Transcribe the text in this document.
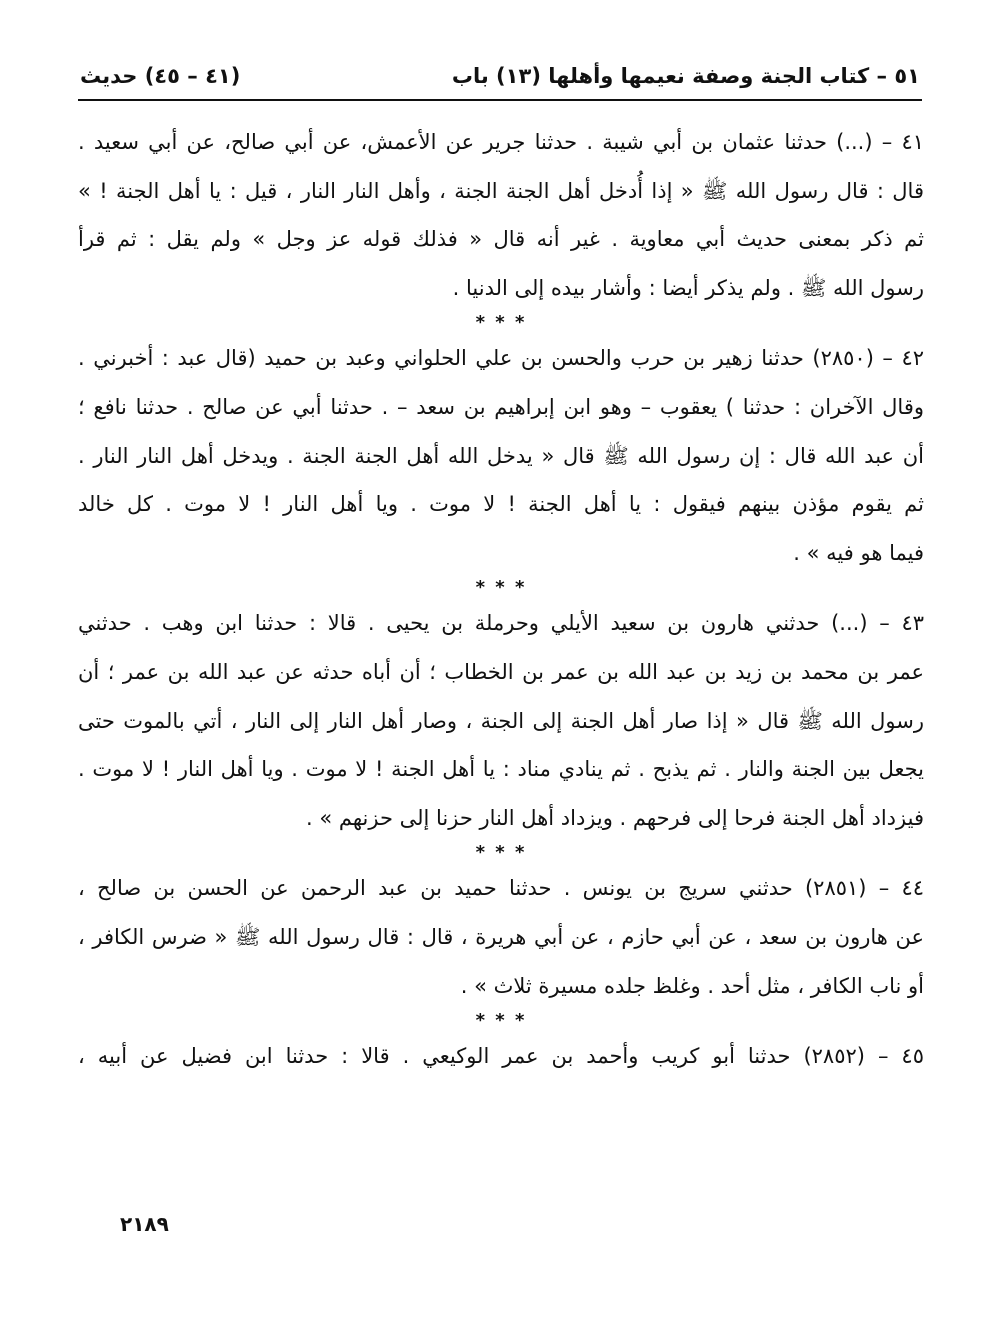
٥١ – كتاب الجنة وصفة نعيمها وأهلها (١٣) باب
(٤١ – ٤٥) حديث
٤١ – (...) حدثنا عثمان بن أبي شيبة . حدثنا جرير عن الأعمش، عن أبي صالح، عن أبي سعيد .
قال : قال رسول الله ﷺ « إذا أُدخل أهل الجنة الجنة ، وأهل النار النار ، قيل : يا أهل الجنة ! »
ثم ذكر بمعنى حديث أبي معاوية . غير أنه قال « فذلك قوله عز وجل » ولم يقل : ثم قرأ
رسول الله ﷺ . ولم يذكر أيضا : وأشار بيده إلى الدنيا .
* * *
٤٢ – (٢٨٥٠) حدثنا زهير بن حرب والحسن بن علي الحلواني وعبد بن حميد (قال عبد : أخبرني .
وقال الآخران : حدثنا ) يعقوب – وهو ابن إبراهيم بن سعد – . حدثنا أبي عن صالح . حدثنا نافع ؛
أن عبد الله قال : إن رسول الله ﷺ قال « يدخل الله أهل الجنة الجنة . ويدخل أهل النار النار .
ثم يقوم مؤذن بينهم فيقول : يا أهل الجنة ! لا موت . ويا أهل النار ! لا موت . كل خالد
فيما هو فيه » .
* * *
٤٣ – (...) حدثني هارون بن سعيد الأيلي وحرملة بن يحيى . قالا : حدثنا ابن وهب . حدثني
عمر بن محمد بن زيد بن عبد الله بن عمر بن الخطاب ؛ أن أباه حدثه عن عبد الله بن عمر ؛ أن
رسول الله ﷺ قال « إذا صار أهل الجنة إلى الجنة ، وصار أهل النار إلى النار ، أتي بالموت حتى
يجعل بين الجنة والنار . ثم يذبح . ثم ينادي مناد : يا أهل الجنة ! لا موت . ويا أهل النار ! لا موت .
فيزداد أهل الجنة فرحا إلى فرحهم . ويزداد أهل النار حزنا إلى حزنهم » .
* * *
٤٤ – (٢٨٥١) حدثني سريج بن يونس . حدثنا حميد بن عبد الرحمن عن الحسن بن صالح ،
عن هارون بن سعد ، عن أبي حازم ، عن أبي هريرة ، قال : قال رسول الله ﷺ « ضرس الكافر ،
أو ناب الكافر ، مثل أحد . وغلظ جلده مسيرة ثلاث » .
* * *
٤٥ – (٢٨٥٢) حدثنا أبو كريب وأحمد بن عمر الوكيعي . قالا : حدثنا ابن فضيل عن أبيه ،
٢١٨٩
